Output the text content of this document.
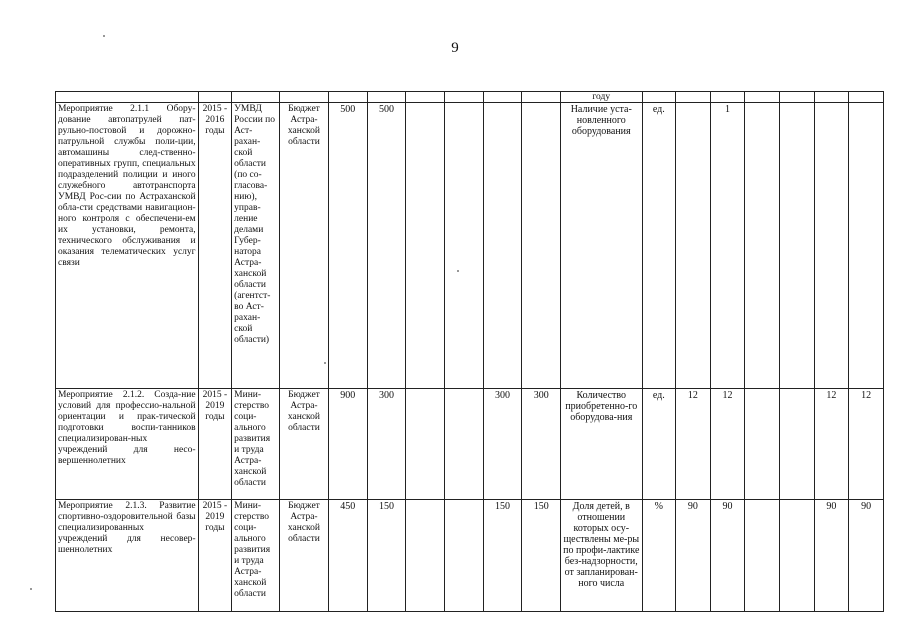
9

										году							

Мероприятие 2.1.1 Обору-дование автопатрулей пат-рульно-постовой и дорожно-патрульной службы поли-ции, автомашины след-ственно-оперативных групп, специальных подразделений полиции и иного служебного автотранспорта УМВД Рос-сии по Астраханской обла-сти средствами навигацион-ного контроля с обеспечени-ем их установки, ремонта, технического обслуживания и оказания телематических услуг связи	2015 - 2016 годы	УМВД России по Аст-рахан-ской области (по со-гласова-нию), управ-ление делами Губер-натора Астра-ханской области (агентст-во Аст-рахан-ской области)	Бюджет Астра-ханской области	500	500					Наличие уста-новленного оборудования	ед.		1				
Мероприятие 2.1.2. Созда-ние условий для профессио-нальной ориентации и прак-тической подготовки воспи-танников специализирован-ных учреждений для несо-вершеннолетних	2015 - 2019 годы	Мини-стерство соци-ального развития и труда Астра-ханской области	Бюджет Астра-ханской области	900	300			300	300	Количество приобретенно-го оборудова-ния	ед.	12	12			12	12
Мероприятие 2.1.3. Развитие спортивно-оздоровительной базы специализированных учреждений для несовер-шеннолетних	2015 - 2019 годы	Мини-стерство соци-ального развития и труда Астра-ханской области	Бюджет Астра-ханской области	450	150			150	150	Доля детей, в отношении которых осу-ществлены ме-ры по профи-лактике без-надзорности, от запланирован-ного числа	%	90	90			90	90
